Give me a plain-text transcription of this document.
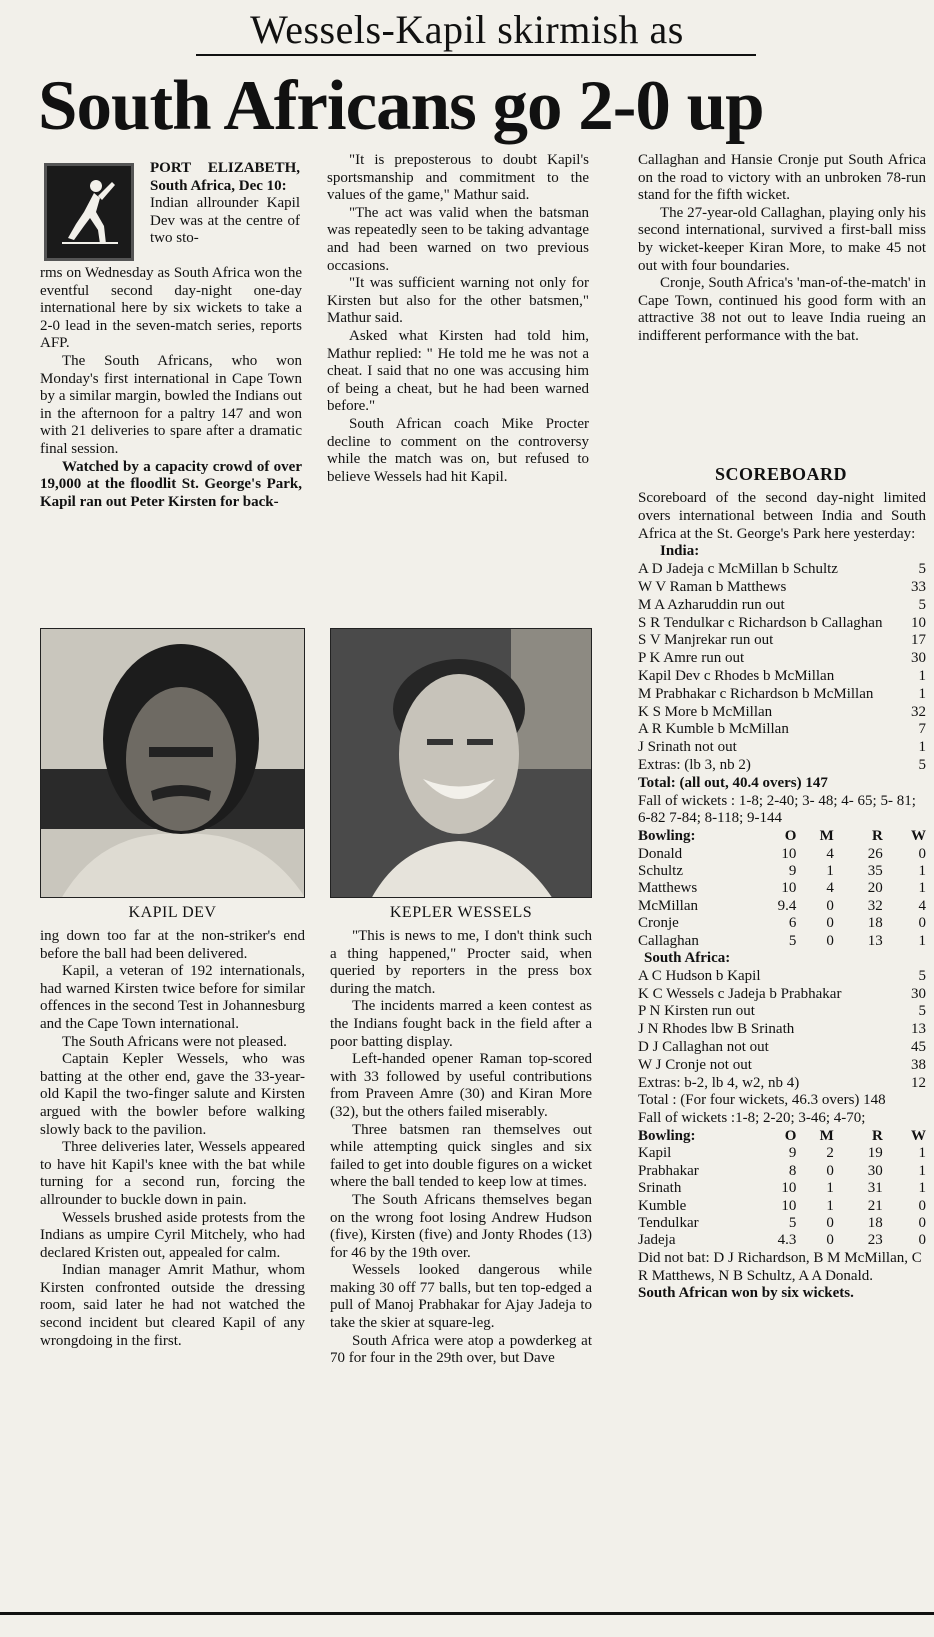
Wessels-Kapil skirmish as
South Africans go 2-0 up

PORT ELIZABETH, South Africa, Dec 10:

Indian allrounder Kapil Dev was at the centre of two sto-

rms on Wednesday as South Africa won the eventful second day-night one-day international here by six wickets to take a 2-0 lead in the seven-match series, reports AFP.

The South Africans, who won Monday's first international in Cape Town by a similar margin, bowled the Indians out in the afternoon for a paltry 147 and won with 21 deliveries to spare after a dramatic final session.

Watched by a capacity crowd of over 19,000 at the floodlit St. George's Park, Kapil ran out Peter Kirsten for back-

"It is preposterous to doubt Kapil's sportsmanship and commitment to the values of the game," Mathur said.

"The act was valid when the batsman was repeatedly seen to be taking advantage and had been warned on two previous occasions.

"It was sufficient warning not only for Kirsten but also for the other batsmen," Mathur said.

Asked what Kirsten had told him, Mathur replied: " He told me he was not a cheat. I said that no one was accusing him of being a cheat, but he had been warned before."

South African coach Mike Procter decline to comment on the controversy while the match was on, but refused to believe Wessels had hit Kapil.

KAPIL DEV	KEPLER WESSELS

ing down too far at the non-striker's end before the ball had been delivered.

Kapil, a veteran of 192 internationals, had warned Kirsten twice before for similar offences in the second Test in Johannesburg and the Cape Town international.

The South Africans were not pleased.

Captain Kepler Wessels, who was batting at the other end, gave the 33-year-old Kapil the two-finger salute and Kirsten argued with the bowler before walking slowly back to the pavilion.

Three deliveries later, Wessels appeared to have hit Kapil's knee with the bat while turning for a second run, forcing the allrounder to buckle down in pain.

Wessels brushed aside protests from the Indians as umpire Cyril Mitchely, who had declared Kristen out, appealed for calm.

Indian manager Amrit Mathur, whom Kirsten confronted outside the dressing room, said later he had not watched the second incident but cleared Kapil of any wrongdoing in the first.

"This is news to me, I don't think such a thing happened," Procter said, when queried by reporters in the press box during the match.

The incidents marred a keen contest as the Indians fought back in the field after a poor batting display.

Left-handed opener Raman top-scored with 33 followed by useful contributions from Praveen Amre (30) and Kiran More (32), but the others failed miserably.

Three batsmen ran themselves out while attempting quick singles and six failed to get into double figures on a wicket where the ball tended to keep low at times.

The South Africans themselves began on the wrong foot losing Andrew Hudson (five), Kirsten (five) and Jonty Rhodes (13) for 46 by the 19th over.

Wessels looked dangerous while making 30 off 77 balls, but ten top-edged a pull of Manoj Prabhakar for Ajay Jadeja to take the skier at square-leg.

South Africa were atop a powderkeg at 70 for four in the 29th over, but Dave

Callaghan and Hansie Cronje put South Africa on the road to victory with an unbroken 78-run stand for the fifth wicket.

The 27-year-old Callaghan, playing only his second international, survived a first-ball miss by wicket-keeper Kiran More, to make 45 not out with four boundaries.

Cronje, South Africa's 'man-of-the-match' in Cape Town, continued his good form with an attractive 38 not out to leave India rueing an indifferent performance with the bat.

SCOREBOARD

Scoreboard of the second day-night limited overs international between India and South Africa at the St. George's Park here yesterday:

India:

A D Jadeja c McMillan b Schultz	5
W V Raman b Matthews	33
M A Azharuddin run out	5
S R Tendulkar c Richardson b Callaghan 10
S V Manjrekar run out	17
P K Amre run out	30
Kapil Dev c Rhodes b McMillan	1
M Prabhakar c Richardson b McMillan	1
K S More b McMillan	32
A R Kumble b McMillan	7
J Srinath not out	1
Extras: (lb 3, nb 2)	5

Total: (all out, 40.4 overs) 147

Fall of wickets : 1-8; 2-40; 3- 48; 4- 65; 5- 81; 6-82 7-84; 8-118; 9-144

Bowling:	O	M	R	W
Donald	10	4	26	0
Schultz	9	1	35	1
Matthews	10	4	20	1
McMillan	9.4	0	32	4
Cronje	6	0	18	0
Callaghan	5	0	13	1

South Africa:

A C Hudson b Kapil	5
K C Wessels c Jadeja b Prabhakar	30
P N Kirsten run out	5
J N Rhodes lbw B Srinath	13
D J Callaghan not out	45
W J Cronje not out	38
Extras: b-2, lb 4, w2, nb 4)	12

Total : (For four wickets, 46.3 overs) 148

Fall of wickets :1-8; 2-20; 3-46; 4-70;

Bowling:	O	M	R	W
Kapil	9	2	19	1
Prabhakar	8	0	30	1
Srinath	10	1	31	1
Kumble	10	1	21	0
Tendulkar	5	0	18	0
Jadeja	4.3	0	23	0

Did not bat: D J Richardson, B M McMillan, C R Matthews, N B Schultz, A A Donald.

South African won by six wickets.
